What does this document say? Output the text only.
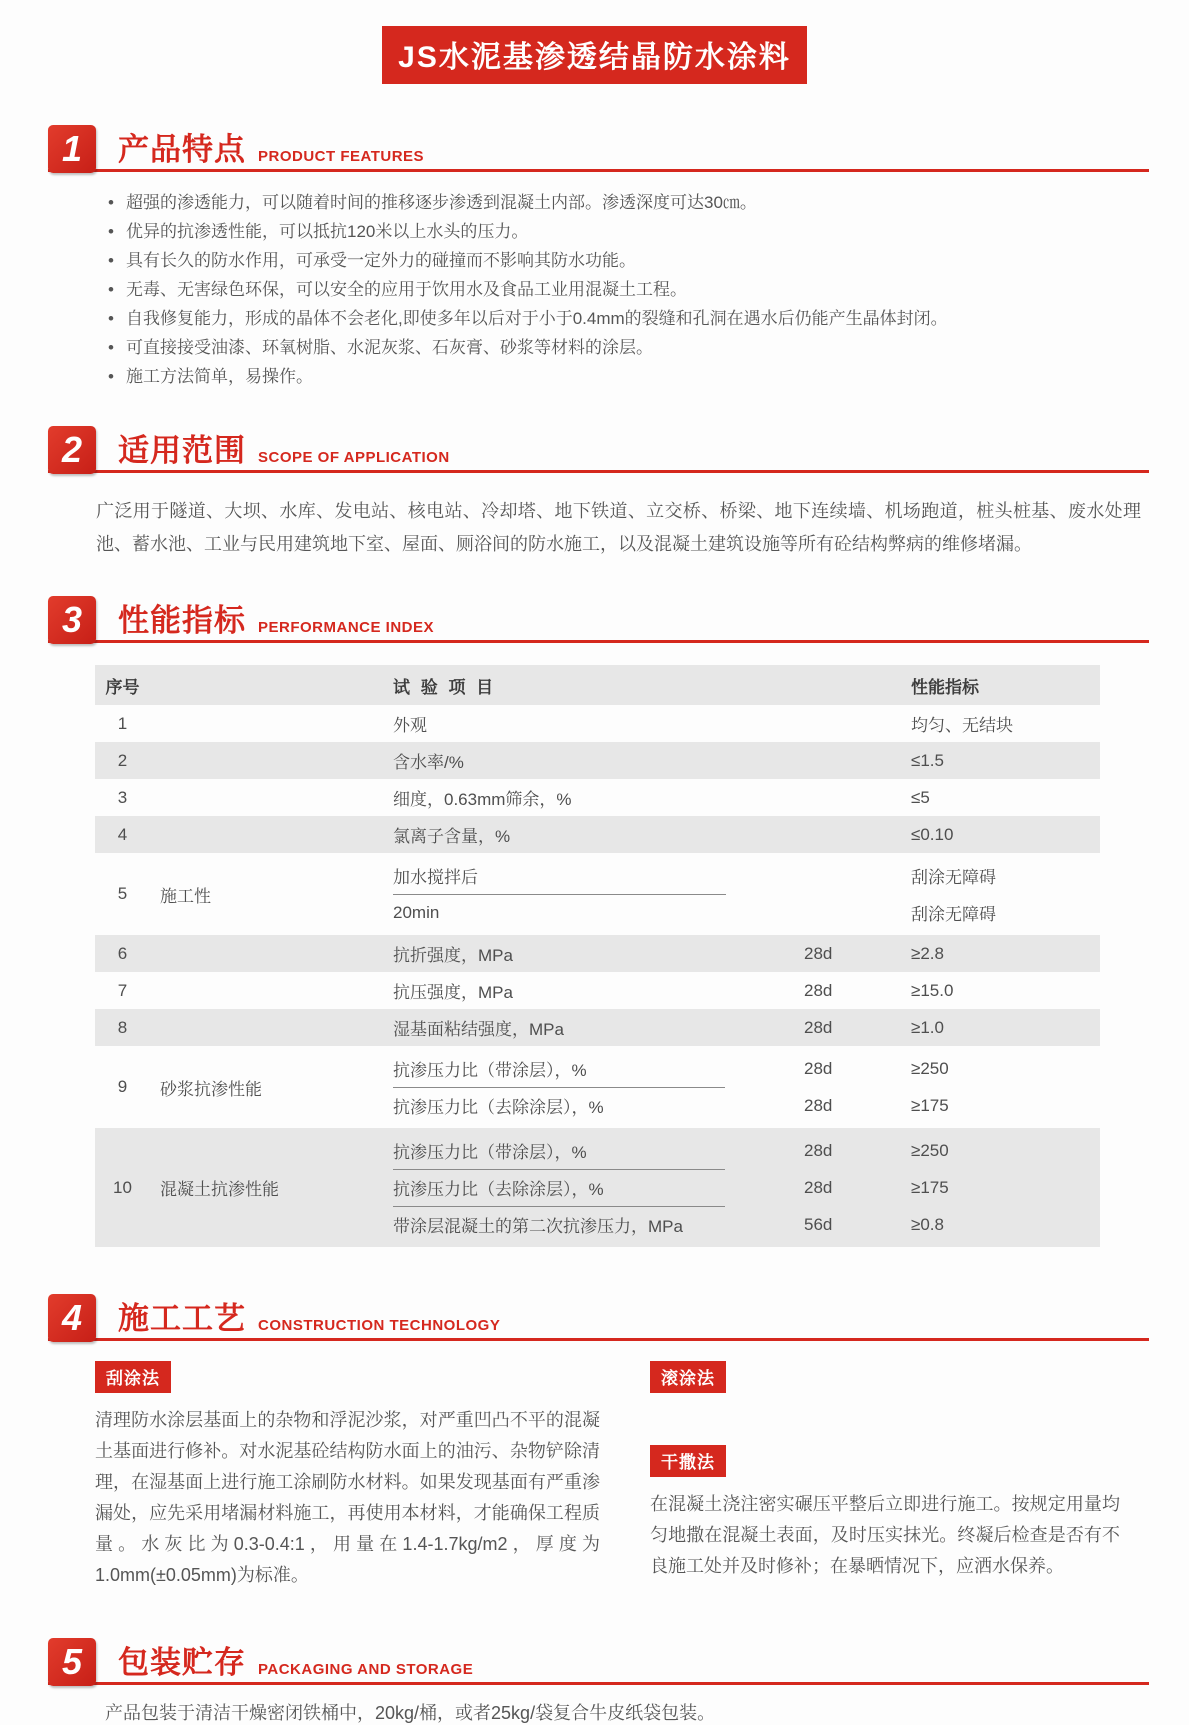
JS水泥基渗透结晶防水涂料
1	产品特点 PRODUCT FEATURES
• 超强的渗透能力，可以随着时间的推移逐步渗透到混凝土内部。渗透深度可达30㎝。
• 优异的抗渗透性能，可以抵抗120米以上水头的压力。
• 具有长久的防水作用，可承受一定外力的碰撞而不影响其防水功能。
• 无毒、无害绿色环保，可以安全的应用于饮用水及食品工业用混凝土工程。
• 自我修复能力，形成的晶体不会老化,即使多年以后对于小于0.4mm的裂缝和孔洞在遇水后仍能产生晶体封闭。
• 可直接接受油漆、环氧树脂、水泥灰浆、石灰膏、砂浆等材料的涂层。
• 施工方法简单，易操作。
2	适用范围 SCOPE OF APPLICATION

广泛用于隧道、大坝、水库、发电站、核电站、冷却塔、地下铁道、立交桥、桥梁、地下连续墙、机场跑道，桩头桩基、废水处理池、蓄水池、工业与民用建筑地下室、屋面、厕浴间的防水施工，以及混凝土建筑设施等所有砼结构弊病的维修堵漏。

3	性能指标 PERFORMANCE INDEX
序号	试 验 项 目	性能指标
1	外观	均匀、无结块
2	含水率/%	≤1.5
3	细度，0.63mm筛余，%	≤5
4	氯离子含量，%	≤0.10
5	施工性
加水搅拌后	刮涂无障碍
20min	刮涂无障碍
6	抗折强度，MPa	28d	≥2.8
7	抗压强度，MPa	28d	≥15.0
8	湿基面粘结强度，MPa	28d	≥1.0
9	砂浆抗渗性能
抗渗压力比（带涂层），%	28d	≥250
抗渗压力比（去除涂层），%	28d	≥175
10	混凝土抗渗性能
抗渗压力比（带涂层），%	28d	≥250
抗渗压力比（去除涂层），%	28d	≥175
带涂层混凝土的第二次抗渗压力，MPa	56d	≥0.8
4	施工工艺 CONSTRUCTION TECHNOLOGY
刮涂法

清理防水涂层基面上的杂物和浮泥沙浆，对严重凹凸不平的混凝土基面进行修补。对水泥基砼结构防水面上的油污、杂物铲除清理，在湿基面上进行施工涂刷防水材料。如果发现基面有严重渗漏处，应先采用堵漏材料施工，再使用本材料，才能确保工程质量。水灰比为0.3-0.4:1，用量在1.4-1.7kg/m2，厚度为1.0mm(±0.05mm)为标准。

滚涂法
干撒法

在混凝土浇注密实碾压平整后立即进行施工。按规定用量均匀地撒在混凝土表面，及时压实抹光。终凝后检查是否有不良施工处并及时修补；在暴晒情况下，应洒水保养。

5	包装贮存 PACKAGING AND STORAGE

产品包装于清洁干燥密闭铁桶中，20kg/桶，或者25kg/袋复合牛皮纸袋包装。
